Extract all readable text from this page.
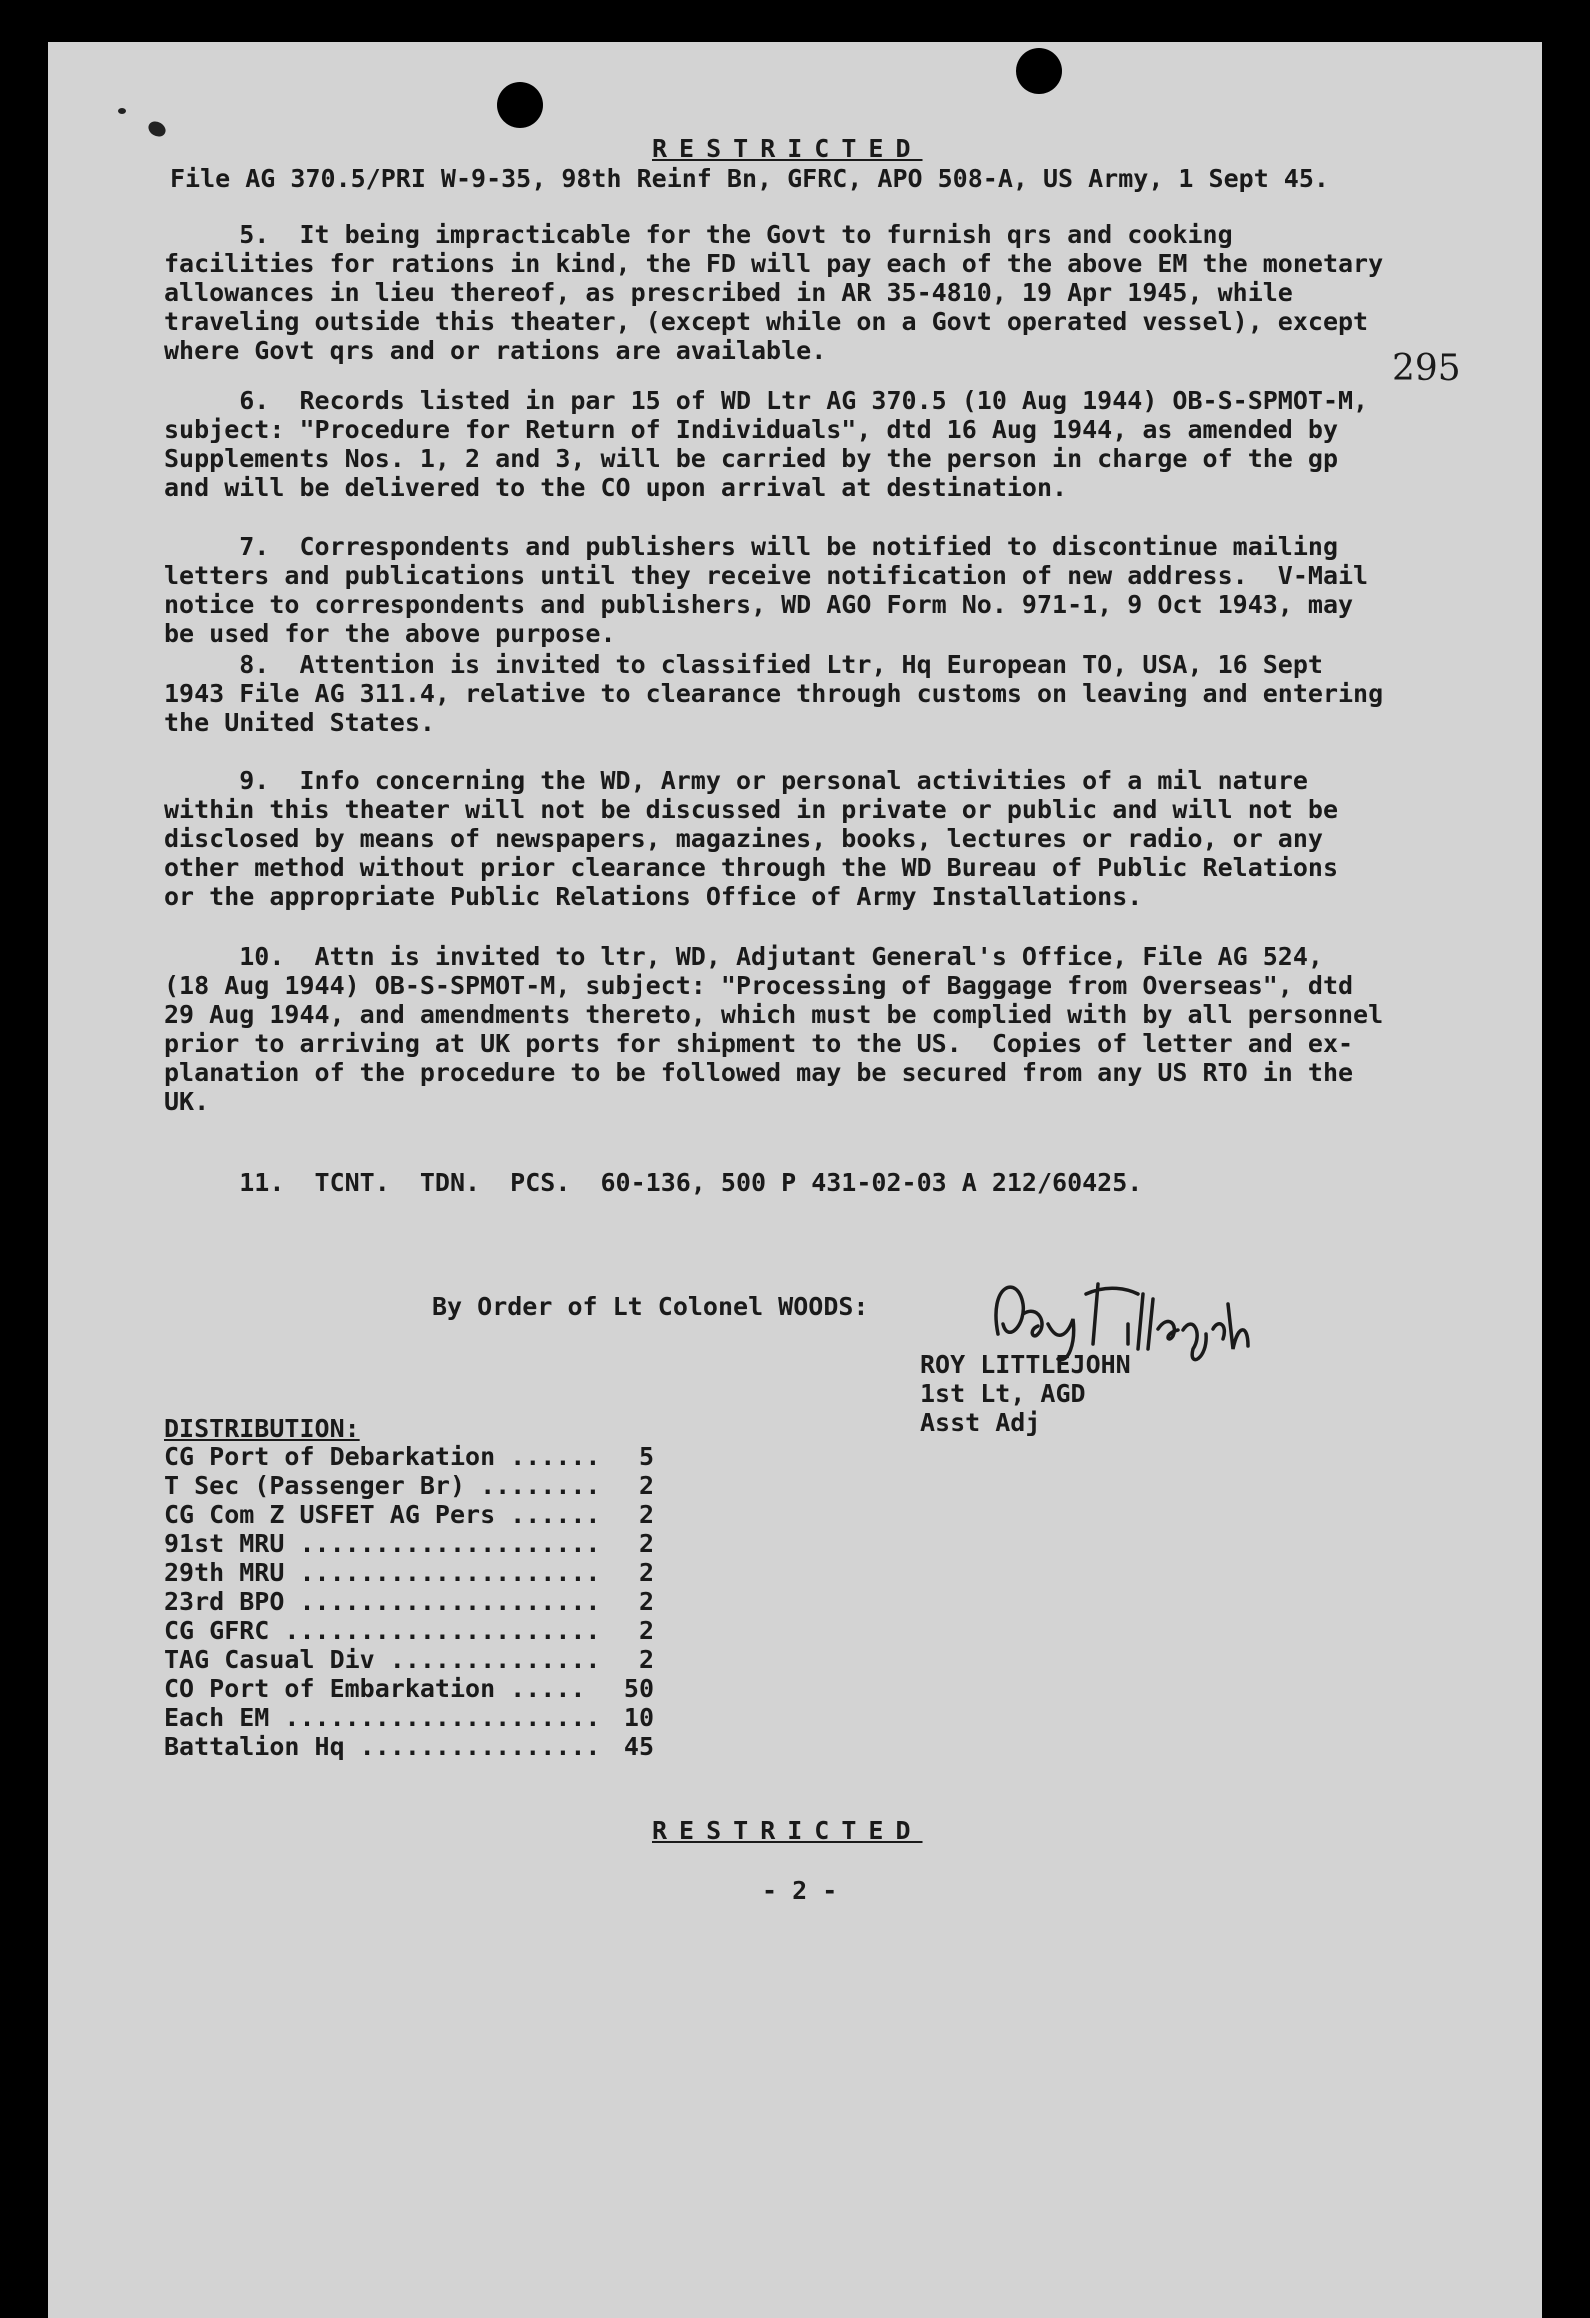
RESTRICTED
File AG 370.5/PRI W-9-35, 98th Reinf Bn, GFRC, APO 508-A, US Army, 1 Sept 45.
295
5.  It being impracticable for the Govt to furnish qrs and cooking
facilities for rations in kind, the FD will pay each of the above EM the monetary
allowances in lieu thereof, as prescribed in AR 35-4810, 19 Apr 1945, while
traveling outside this theater, (except while on a Govt operated vessel), except
where Govt qrs and or rations are available.
6.  Records listed in par 15 of WD Ltr AG 370.5 (10 Aug 1944) OB-S-SPMOT-M,
subject: "Procedure for Return of Individuals", dtd 16 Aug 1944, as amended by
Supplements Nos. 1, 2 and 3, will be carried by the person in charge of the gp
and will be delivered to the CO upon arrival at destination.
7.  Correspondents and publishers will be notified to discontinue mailing
letters and publications until they receive notification of new address.  V-Mail
notice to correspondents and publishers, WD AGO Form No. 971-1, 9 Oct 1943, may
be used for the above purpose.
8.  Attention is invited to classified Ltr, Hq European TO, USA, 16 Sept
1943 File AG 311.4, relative to clearance through customs on leaving and entering
the United States.
9.  Info concerning the WD, Army or personal activities of a mil nature
within this theater will not be discussed in private or public and will not be
disclosed by means of newspapers, magazines, books, lectures or radio, or any
other method without prior clearance through the WD Bureau of Public Relations
or the appropriate Public Relations Office of Army Installations.
10.  Attn is invited to ltr, WD, Adjutant General's Office, File AG 524,
(18 Aug 1944) OB-S-SPMOT-M, subject: "Processing of Baggage from Overseas", dtd
29 Aug 1944, and amendments thereto, which must be complied with by all personnel
prior to arriving at UK ports for shipment to the US.  Copies of letter and ex-
planation of the procedure to be followed may be secured from any US RTO in the
UK.
11.  TCNT.  TDN.  PCS.  60-136, 500 P 431-02-03 A 212/60425.
By Order of Lt Colonel WOODS:
ROY LITTLEJOHN
1st Lt, AGD
Asst Adj
DISTRIBUTION:
CG Port of Debarkation ...... 5
T Sec (Passenger Br) ........ 2
CG Com Z USFET AG Pers ...... 2
91st MRU .................... 2
29th MRU .................... 2
23rd BPO .................... 2
CG GFRC ..................... 2
TAG Casual Div .............. 2
CO Port of Embarkation ..... 50
Each EM ..................... 10
Battalion Hq ................ 45
RESTRICTED
- 2 -
